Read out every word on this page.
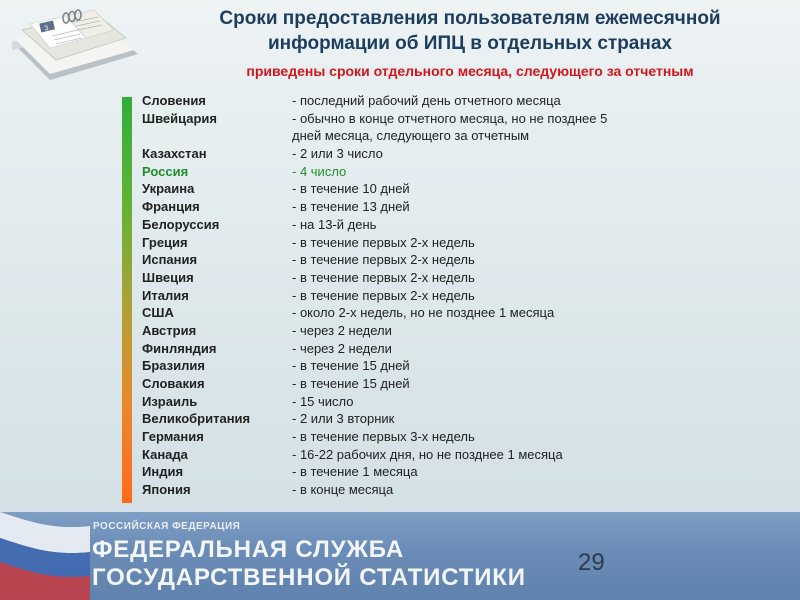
3	Сроки предоставления пользователям ежемесячной
информации об ИПЦ в отдельных странах
приведены сроки отдельного месяца, следующего за отчетным
Словения	- последний рабочий день отчетного месяца
Швейцария	- обычно в конце отчетного месяца, но не позднее 5
дней месяца, следующего за отчетным
Казахстан	- 2 или 3 число
Россия	- 4 число
Украина	- в течение 10 дней
Франция	- в течение 13 дней
Белоруссия	- на 13-й день
Греция	- в течение первых 2-х недель
Испания	- в течение первых 2-х недель
Швеция	- в течение первых 2-х недель
Италия	- в течение первых 2-х недель
США	- около 2-х недель, но не позднее 1 месяца
Австрия	- через 2 недели
Финляндия	- через 2 недели
Бразилия	- в течение 15 дней
Словакия	- в течение 15 дней
Израиль	- 15 число
Великобритания	- 2 или 3 вторник
Германия	- в течение первых 3-х недель
Канада	- 16-22 рабочих дня, но не позднее 1 месяца
Индия	- в течение 1 месяца
Япония	- в конце месяца
РОССИЙСКАЯ ФЕДЕРАЦИЯ
ФЕДЕРАЛЬНАЯ СЛУЖБА
ГОСУДАРСТВЕННОЙ СТАТИСТИКИ
29
